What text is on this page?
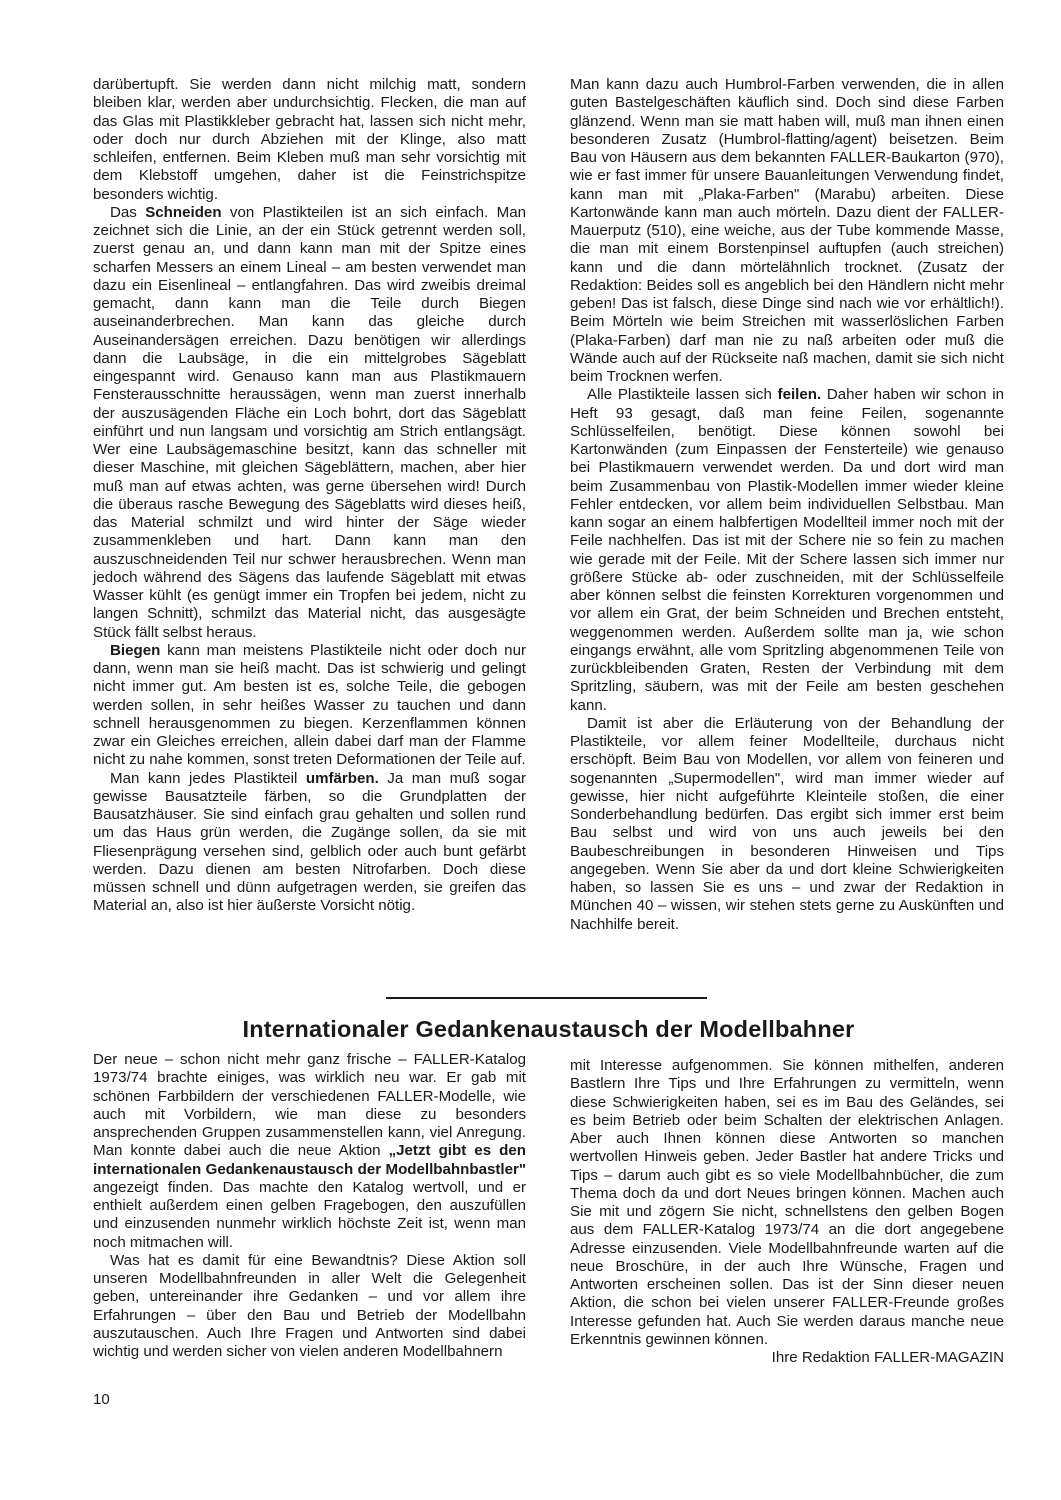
darübertupft. Sie werden dann nicht milchig matt, sondern bleiben klar, werden aber undurchsichtig. Flecken, die man auf das Glas mit Plastikkleber gebracht hat, lassen sich nicht mehr, oder doch nur durch Abziehen mit der Klinge, also matt schleifen, entfernen. Beim Kleben muß man sehr vorsichtig mit dem Klebstoff umgehen, daher ist die Feinstrichspitze besonders wichtig.

Das Schneiden von Plastikteilen ist an sich einfach. Man zeichnet sich die Linie, an der ein Stück getrennt werden soll, zuerst genau an, und dann kann man mit der Spitze eines scharfen Messers an einem Lineal – am besten verwendet man dazu ein Eisenlineal – entlangfahren. Das wird zweibis dreimal gemacht, dann kann man die Teile durch Biegen auseinanderbrechen. Man kann das gleiche durch Auseinandersägen erreichen. Dazu benötigen wir allerdings dann die Laubsäge, in die ein mittelgrobes Sägeblatt eingespannt wird. Genauso kann man aus Plastikmauern Fensterausschnitte heraussägen, wenn man zuerst innerhalb der auszusägenden Fläche ein Loch bohrt, dort das Sägeblatt einführt und nun langsam und vorsichtig am Strich entlangsägt. Wer eine Laubsägemaschine besitzt, kann das schneller mit dieser Maschine, mit gleichen Sägeblättern, machen, aber hier muß man auf etwas achten, was gerne übersehen wird! Durch die überaus rasche Bewegung des Sägeblatts wird dieses heiß, das Material schmilzt und wird hinter der Säge wieder zusammenkleben und hart. Dann kann man den auszuschneidenden Teil nur schwer herausbrechen. Wenn man jedoch während des Sägens das laufende Sägeblatt mit etwas Wasser kühlt (es genügt immer ein Tropfen bei jedem, nicht zu langen Schnitt), schmilzt das Material nicht, das ausgesägte Stück fällt selbst heraus.

Biegen kann man meistens Plastikteile nicht oder doch nur dann, wenn man sie heiß macht. Das ist schwierig und gelingt nicht immer gut. Am besten ist es, solche Teile, die gebogen werden sollen, in sehr heißes Wasser zu tauchen und dann schnell herausgenommen zu biegen. Kerzenflammen können zwar ein Gleiches erreichen, allein dabei darf man der Flamme nicht zu nahe kommen, sonst treten Deformationen der Teile auf.

Man kann jedes Plastikteil umfärben. Ja man muß sogar gewisse Bausatzteile färben, so die Grundplatten der Bausatzhäuser. Sie sind einfach grau gehalten und sollen rund um das Haus grün werden, die Zugänge sollen, da sie mit Fliesenprägung versehen sind, gelblich oder auch bunt gefärbt werden. Dazu dienen am besten Nitrofarben. Doch diese müssen schnell und dünn aufgetragen werden, sie greifen das Material an, also ist hier äußerste Vorsicht nötig.

Man kann dazu auch Humbrol-Farben verwenden, die in allen guten Bastelgeschäften käuflich sind. Doch sind diese Farben glänzend. Wenn man sie matt haben will, muß man ihnen einen besonderen Zusatz (Humbrol-flatting/agent) beisetzen. Beim Bau von Häusern aus dem bekannten FALLER-Baukarton (970), wie er fast immer für unsere Bauanleitungen Verwendung findet, kann man mit „Plaka-Farben" (Marabu) arbeiten. Diese Kartonwände kann man auch mörteln. Dazu dient der FALLER-Mauerputz (510), eine weiche, aus der Tube kommende Masse, die man mit einem Borstenpinsel auftupfen (auch streichen) kann und die dann mörtelähnlich trocknet. (Zusatz der Redaktion: Beides soll es angeblich bei den Händlern nicht mehr geben! Das ist falsch, diese Dinge sind nach wie vor erhältlich!). Beim Mörteln wie beim Streichen mit wasserlöslichen Farben (Plaka-Farben) darf man nie zu naß arbeiten oder muß die Wände auch auf der Rückseite naß machen, damit sie sich nicht beim Trocknen werfen.

Alle Plastikteile lassen sich feilen. Daher haben wir schon in Heft 93 gesagt, daß man feine Feilen, sogenannte Schlüsselfeilen, benötigt. Diese können sowohl bei Kartonwänden (zum Einpassen der Fensterteile) wie genauso bei Plastikmauern verwendet werden. Da und dort wird man beim Zusammenbau von Plastik-Modellen immer wieder kleine Fehler entdecken, vor allem beim individuellen Selbstbau. Man kann sogar an einem halbfertigen Modellteil immer noch mit der Feile nachhelfen. Das ist mit der Schere nie so fein zu machen wie gerade mit der Feile. Mit der Schere lassen sich immer nur größere Stücke ab- oder zuschneiden, mit der Schlüsselfeile aber können selbst die feinsten Korrekturen vorgenommen und vor allem ein Grat, der beim Schneiden und Brechen entsteht, weggenommen werden. Außerdem sollte man ja, wie schon eingangs erwähnt, alle vom Spritzling abgenommenen Teile von zurückbleibenden Graten, Resten der Verbindung mit dem Spritzling, säubern, was mit der Feile am besten geschehen kann.

Damit ist aber die Erläuterung von der Behandlung der Plastikteile, vor allem feiner Modellteile, durchaus nicht erschöpft. Beim Bau von Modellen, vor allem von feineren und sogenannten „Supermodellen", wird man immer wieder auf gewisse, hier nicht aufgeführte Kleinteile stoßen, die einer Sonderbehandlung bedürfen. Das ergibt sich immer erst beim Bau selbst und wird von uns auch jeweils bei den Baubeschreibungen in besonderen Hinweisen und Tips angegeben. Wenn Sie aber da und dort kleine Schwierigkeiten haben, so lassen Sie es uns – und zwar der Redaktion in München 40 – wissen, wir stehen stets gerne zu Auskünften und Nachhilfe bereit.

Internationaler Gedankenaustausch der Modellbahner

Der neue – schon nicht mehr ganz frische – FALLER-Katalog 1973/74 brachte einiges, was wirklich neu war. Er gab mit schönen Farbbildern der verschiedenen FALLER-Modelle, wie auch mit Vorbildern, wie man diese zu besonders ansprechenden Gruppen zusammenstellen kann, viel Anregung. Man konnte dabei auch die neue Aktion „Jetzt gibt es den internationalen Gedankenaustausch der Modellbahnbastler" angezeigt finden. Das machte den Katalog wertvoll, und er enthielt außerdem einen gelben Fragebogen, den auszufüllen und einzusenden nunmehr wirklich höchste Zeit ist, wenn man noch mitmachen will.

Was hat es damit für eine Bewandtnis? Diese Aktion soll unseren Modellbahnfreunden in aller Welt die Gelegenheit geben, untereinander ihre Gedanken – und vor allem ihre Erfahrungen – über den Bau und Betrieb der Modellbahn auszutauschen. Auch Ihre Fragen und Antworten sind dabei wichtig und werden sicher von vielen anderen Modellbahnern

mit Interesse aufgenommen. Sie können mithelfen, anderen Bastlern Ihre Tips und Ihre Erfahrungen zu vermitteln, wenn diese Schwierigkeiten haben, sei es im Bau des Geländes, sei es beim Betrieb oder beim Schalten der elektrischen Anlagen. Aber auch Ihnen können diese Antworten so manchen wertvollen Hinweis geben. Jeder Bastler hat andere Tricks und Tips – darum auch gibt es so viele Modellbahnbücher, die zum Thema doch da und dort Neues bringen können. Machen auch Sie mit und zögern Sie nicht, schnellstens den gelben Bogen aus dem FALLER-Katalog 1973/74 an die dort angegebene Adresse einzusenden. Viele Modellbahnfreunde warten auf die neue Broschüre, in der auch Ihre Wünsche, Fragen und Antworten erscheinen sollen. Das ist der Sinn dieser neuen Aktion, die schon bei vielen unserer FALLER-Freunde großes Interesse gefunden hat. Auch Sie werden daraus manche neue Erkenntnis gewinnen können.

Ihre Redaktion FALLER-MAGAZIN

10
